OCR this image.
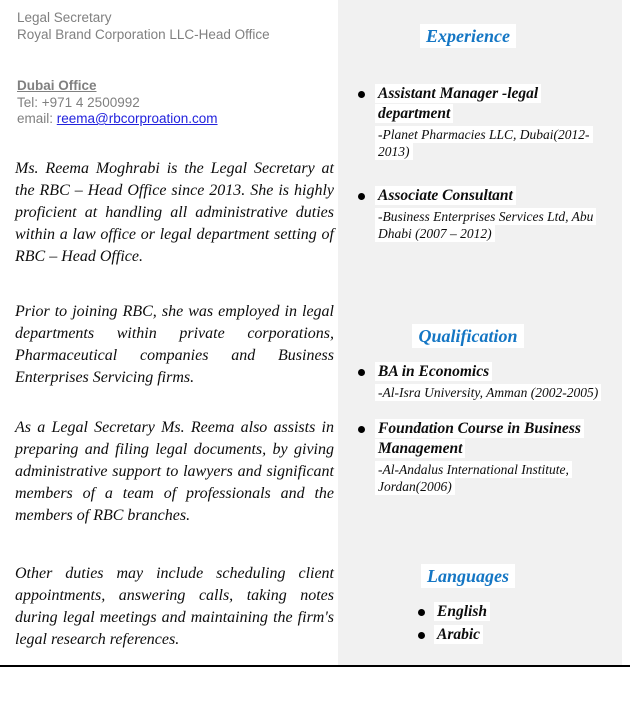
Legal Secretary
Royal Brand Corporation LLC-Head Office
Dubai Office
Tel: +971 4 2500992
email: reema@rbcorproation.com

Ms. Reema Moghrabi is the Legal Secretary at the RBC – Head Office since 2013. She is highly proficient at handling all administrative duties within a law office or legal department setting of RBC – Head Office.

Prior to joining RBC, she was employed in legal departments within private corporations, Pharmaceutical companies and Business Enterprises Servicing firms.

As a Legal Secretary Ms. Reema also assists in preparing and filing legal documents, by giving administrative support to lawyers and significant members of a team of professionals and the members of RBC branches.

Other duties may include scheduling client appointments, answering calls, taking notes during legal meetings and maintaining the firm's legal research references.

Experience
Assistant Manager -legal department
-Planet Pharmacies LLC, Dubai(2012-2013)
Associate Consultant
-Business Enterprises Services Ltd, Abu Dhabi (2007 – 2012)
Qualification
BA in Economics
-Al-Isra University, Amman (2002-2005)
Foundation Course in Business Management
-Al-Andalus International Institute, Jordan(2006)
Languages
English
Arabic
